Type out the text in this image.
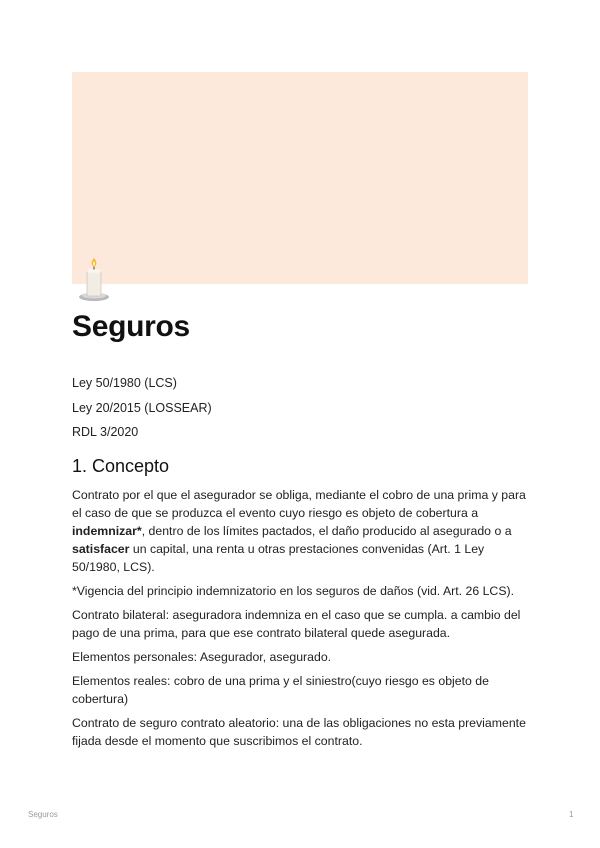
Seguros
Ley 50/1980 (LCS)
Ley 20/2015 (LOSSEAR)
RDL 3/2020
1. Concepto

Contrato por el que el asegurador se obliga, mediante el cobro de una prima y para el caso de que se produzca el evento cuyo riesgo es objeto de cobertura a indemnizar*, dentro de los límites pactados, el daño producido al asegurado o a satisfacer un capital, una renta u otras prestaciones convenidas (Art. 1 Ley 50/1980, LCS).

*Vigencia del principio indemnizatorio en los seguros de daños (vid. Art. 26 LCS).

Contrato bilateral: aseguradora indemniza en el caso que se cumpla. a cambio del pago de una prima, para que ese contrato bilateral quede asegurada.

Elementos personales: Asegurador, asegurado.

Elementos reales: cobro de una prima y el siniestro(cuyo riesgo es objeto de cobertura)

Contrato de seguro contrato aleatorio: una de las obligaciones no esta previamente fijada desde el momento que suscribimos el contrato.

Seguros	1
